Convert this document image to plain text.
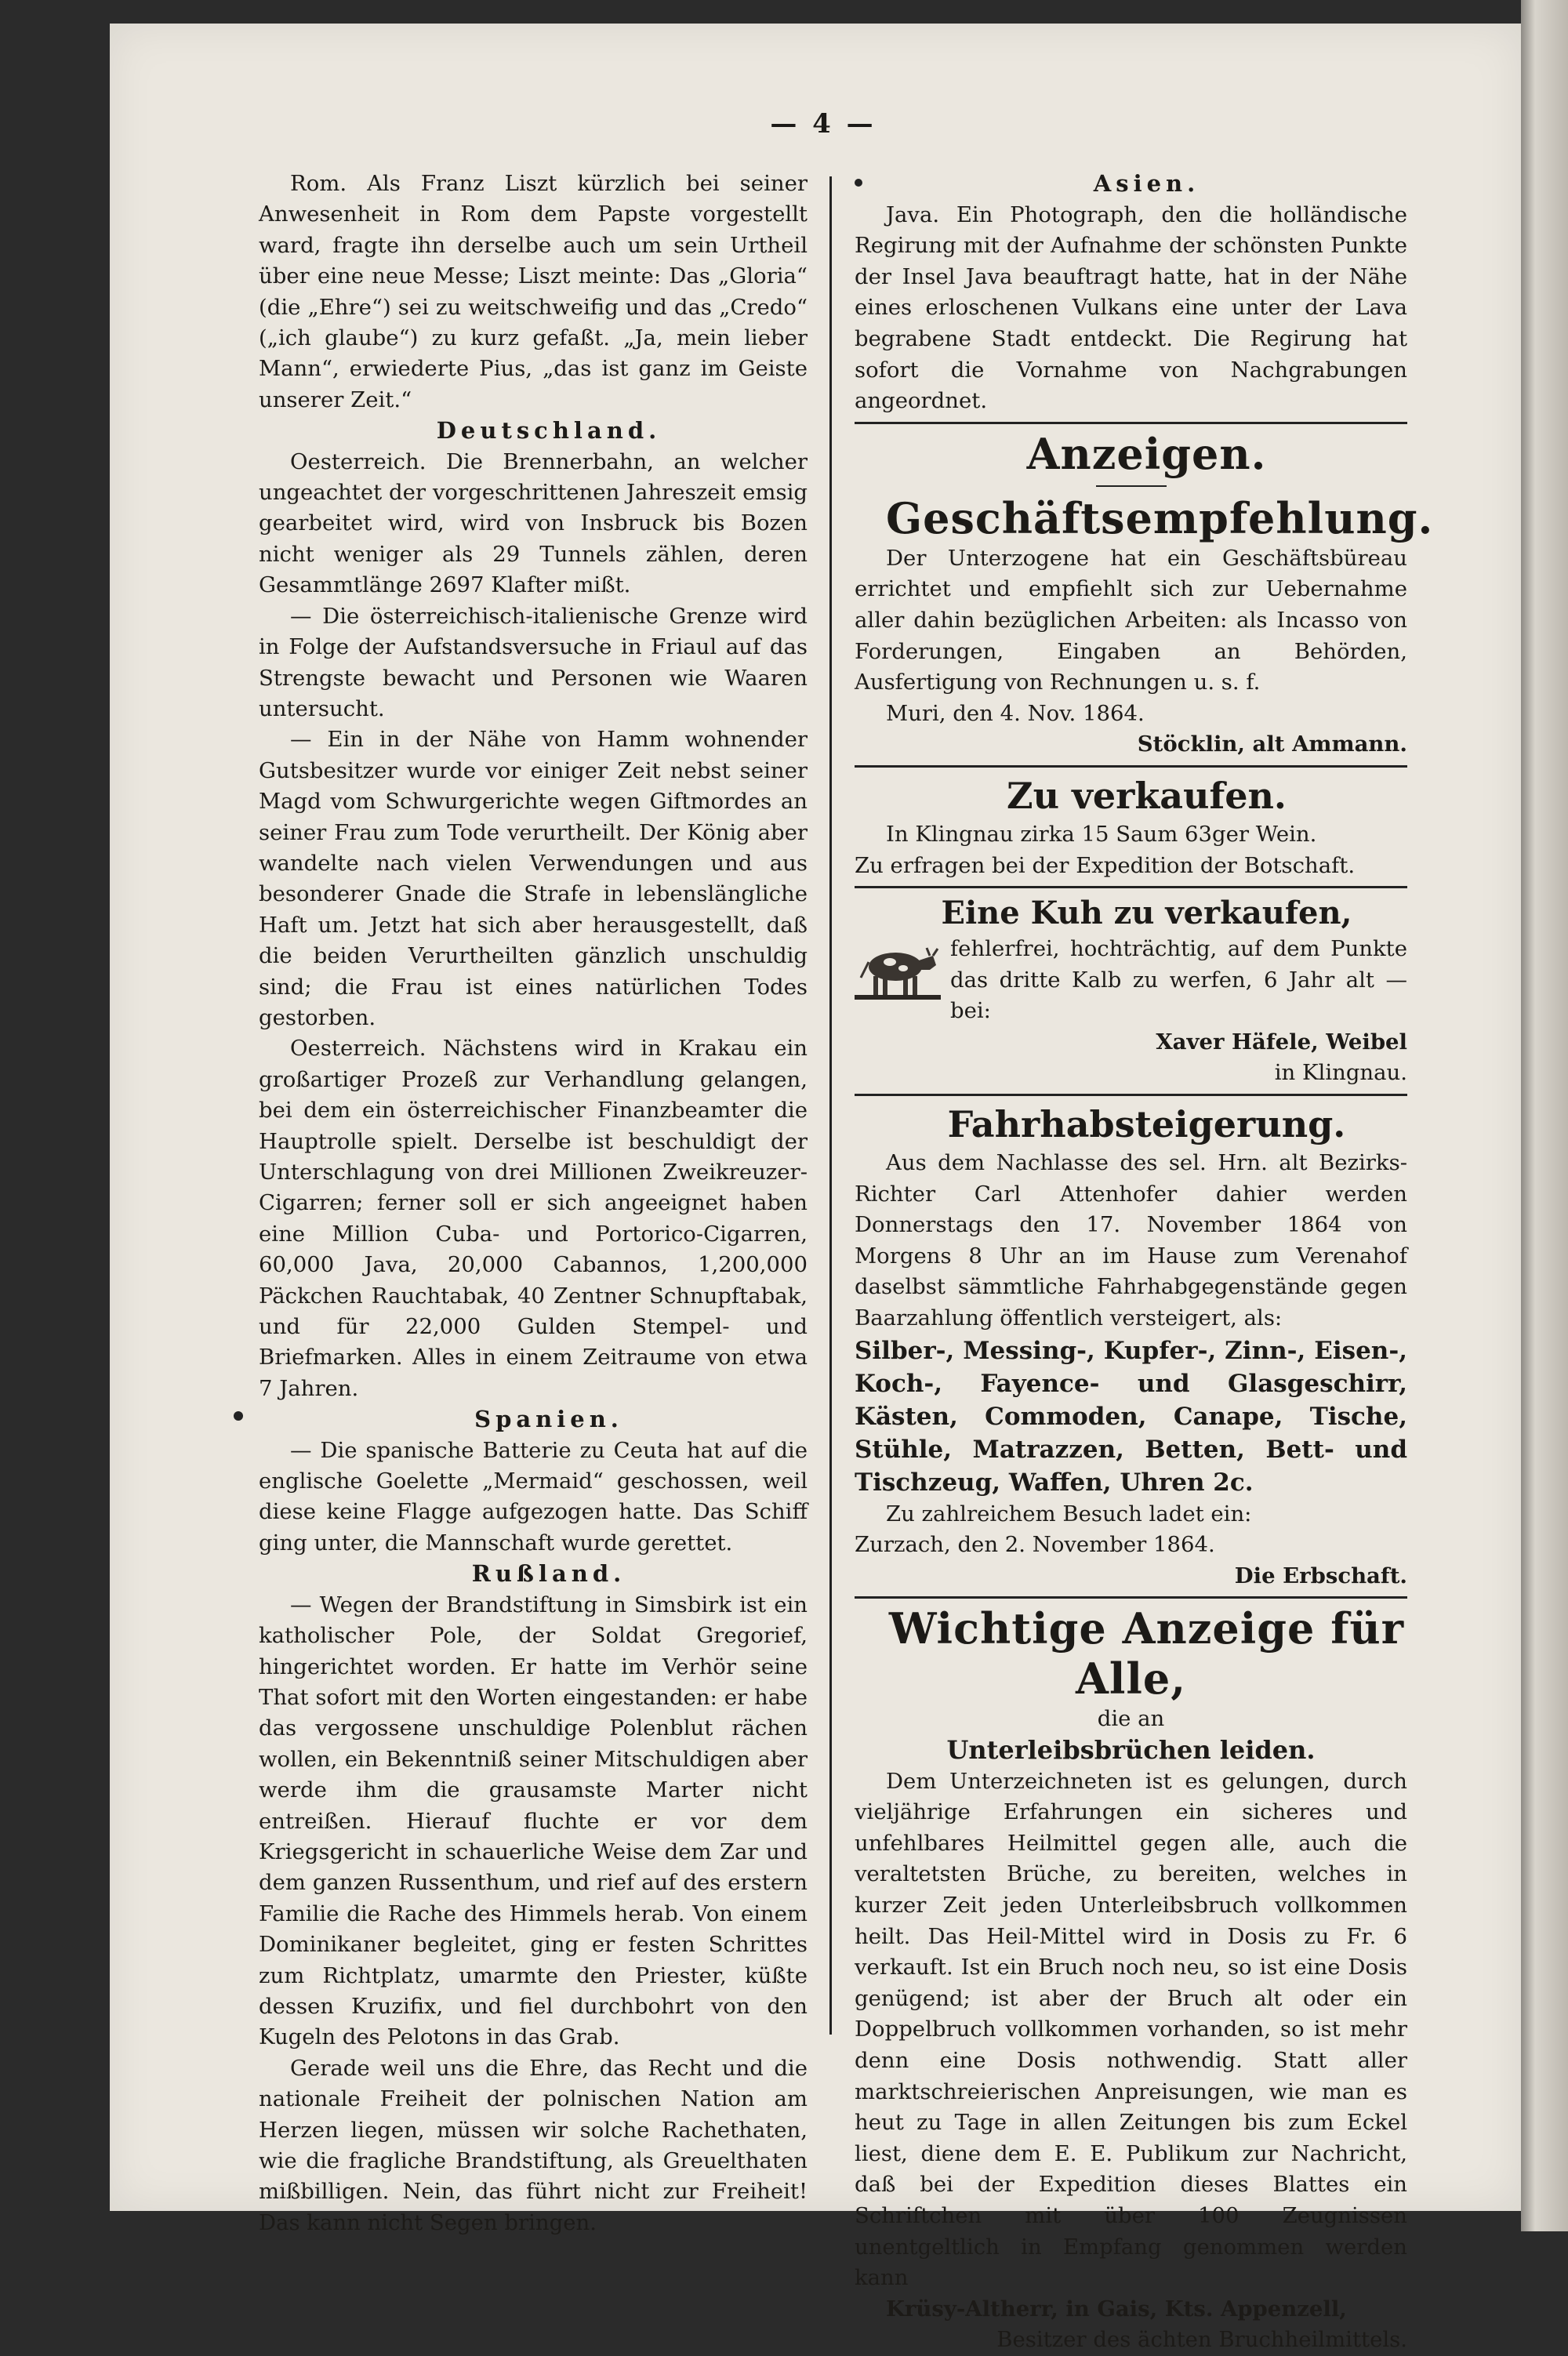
— 4 —

Rom. Als Franz Liszt kürzlich bei seiner Anwesenheit in Rom dem Papste vorgestellt ward, fragte ihn derselbe auch um sein Urtheil über eine neue Messe; Liszt meinte: Das „Gloria“ (die „Ehre“) sei zu weitschweifig und das „Credo“ („ich glaube“) zu kurz gefaßt. „Ja, mein lieber Mann“, erwiederte Pius, „das ist ganz im Geiste unserer Zeit.“

Deutschland.

Oesterreich. Die Brennerbahn, an welcher ungeachtet der vorgeschrittenen Jahreszeit emsig gearbeitet wird, wird von Insbruck bis Bozen nicht weniger als 29 Tunnels zählen, deren Gesammtlänge 2697 Klafter mißt.

— Die österreichisch-italienische Grenze wird in Folge der Aufstandsversuche in Friaul auf das Strengste bewacht und Personen wie Waaren untersucht.

— Ein in der Nähe von Hamm wohnender Gutsbesitzer wurde vor einiger Zeit nebst seiner Magd vom Schwurgerichte wegen Giftmordes an seiner Frau zum Tode verurtheilt. Der König aber wandelte nach vielen Verwendungen und aus besonderer Gnade die Strafe in lebenslängliche Haft um. Jetzt hat sich aber herausgestellt, daß die beiden Verurtheilten gänzlich unschuldig sind; die Frau ist eines natürlichen Todes gestorben.

Oesterreich. Nächstens wird in Krakau ein großartiger Prozeß zur Verhandlung gelangen, bei dem ein österreichischer Finanzbeamter die Hauptrolle spielt. Derselbe ist beschuldigt der Unterschlagung von drei Millionen Zweikreuzer-Cigarren; ferner soll er sich angeeignet haben eine Million Cuba- und Portorico-Cigarren, 60,000 Java, 20,000 Cabannos, 1,200,000 Päckchen Rauchtabak, 40 Zentner Schnupftabak, und für 22,000 Gulden Stempel- und Briefmarken. Alles in einem Zeitraume von etwa 7 Jahren.

Spanien.

— Die spanische Batterie zu Ceuta hat auf die englische Goelette „Mermaid“ geschossen, weil diese keine Flagge aufgezogen hatte. Das Schiff ging unter, die Mannschaft wurde gerettet.

Rußland.

— Wegen der Brandstiftung in Simsbirk ist ein katholischer Pole, der Soldat Gregorief, hingerichtet worden. Er hatte im Verhör seine That sofort mit den Worten eingestanden: er habe das vergossene unschuldige Polenblut rächen wollen, ein Bekenntniß seiner Mitschuldigen aber werde ihm die grausamste Marter nicht entreißen. Hierauf fluchte er vor dem Kriegsgericht in schauerliche Weise dem Zar und dem ganzen Russenthum, und rief auf des erstern Familie die Rache des Himmels herab. Von einem Dominikaner begleitet, ging er festen Schrittes zum Richtplatz, umarmte den Priester, küßte dessen Kruzifix, und fiel durchbohrt von den Kugeln des Pelotons in das Grab.

Gerade weil uns die Ehre, das Recht und die nationale Freiheit der polnischen Nation am Herzen liegen, müssen wir solche Rachethaten, wie die fragliche Brandstiftung, als Greuelthaten mißbilligen. Nein, das führt nicht zur Freiheit! Das kann nicht Segen bringen.

Asien.

Java. Ein Photograph, den die holländische Regirung mit der Aufnahme der schönsten Punkte der Insel Java beauftragt hatte, hat in der Nähe eines erloschenen Vulkans eine unter der Lava begrabene Stadt entdeckt. Die Regirung hat sofort die Vornahme von Nachgrabungen angeordnet.

Anzeigen.

Geschäftsempfehlung.

Der Unterzogene hat ein Geschäftsbüreau errichtet und empfiehlt sich zur Uebernahme aller dahin bezüglichen Arbeiten: als Incasso von Forderungen, Eingaben an Behörden, Ausfertigung von Rechnungen u. s. f.

Muri, den 4. Nov. 1864.

Stöcklin, alt Ammann.

Zu verkaufen.

In Klingnau zirka 15 Saum 63ger Wein.

Zu erfragen bei der Expedition der Botschaft.

Eine Kuh zu verkaufen,

fehlerfrei, hochträchtig, auf dem Punkte das dritte Kalb zu werfen, 6 Jahr alt — bei:

Xaver Häfele, Weibel

in Klingnau.

Fahrhabsteigerung.

Aus dem Nachlasse des sel. Hrn. alt Bezirks-Richter Carl Attenhofer dahier werden Donnerstags den 17. November 1864 von Morgens 8 Uhr an im Hause zum Verenahof daselbst sämmtliche Fahrhabgegenstände gegen Baarzahlung öffentlich versteigert, als:

Silber-, Messing-, Kupfer-, Zinn-, Eisen-, Koch-, Fayence- und Glasgeschirr, Kästen, Commoden, Canape, Tische, Stühle, Matrazzen, Betten, Bett- und Tischzeug, Waffen, Uhren 2c.

Zu zahlreichem Besuch ladet ein:

Zurzach, den 2. November 1864.

Die Erbschaft.

Wichtige Anzeige für Alle,

die an

Unterleibsbrüchen leiden.

Dem Unterzeichneten ist es gelungen, durch vieljährige Erfahrungen ein sicheres und unfehlbares Heilmittel gegen alle, auch die veraltetsten Brüche, zu bereiten, welches in kurzer Zeit jeden Unterleibsbruch vollkommen heilt. Das Heil-Mittel wird in Dosis zu Fr. 6 verkauft. Ist ein Bruch noch neu, so ist eine Dosis genügend; ist aber der Bruch alt oder ein Doppelbruch vollkommen vorhanden, so ist mehr denn eine Dosis nothwendig. Statt aller marktschreierischen Anpreisungen, wie man es heut zu Tage in allen Zeitungen bis zum Eckel liest, diene dem E. E. Publikum zur Nachricht, daß bei der Expedition dieses Blattes ein Schriftchen mit über 100 Zeugnissen unentgeltlich in Empfang genommen werden kann

Krüsy-Altherr, in Gais, Kts. Appenzell,

Besitzer des ächten Bruchheilmittels.
